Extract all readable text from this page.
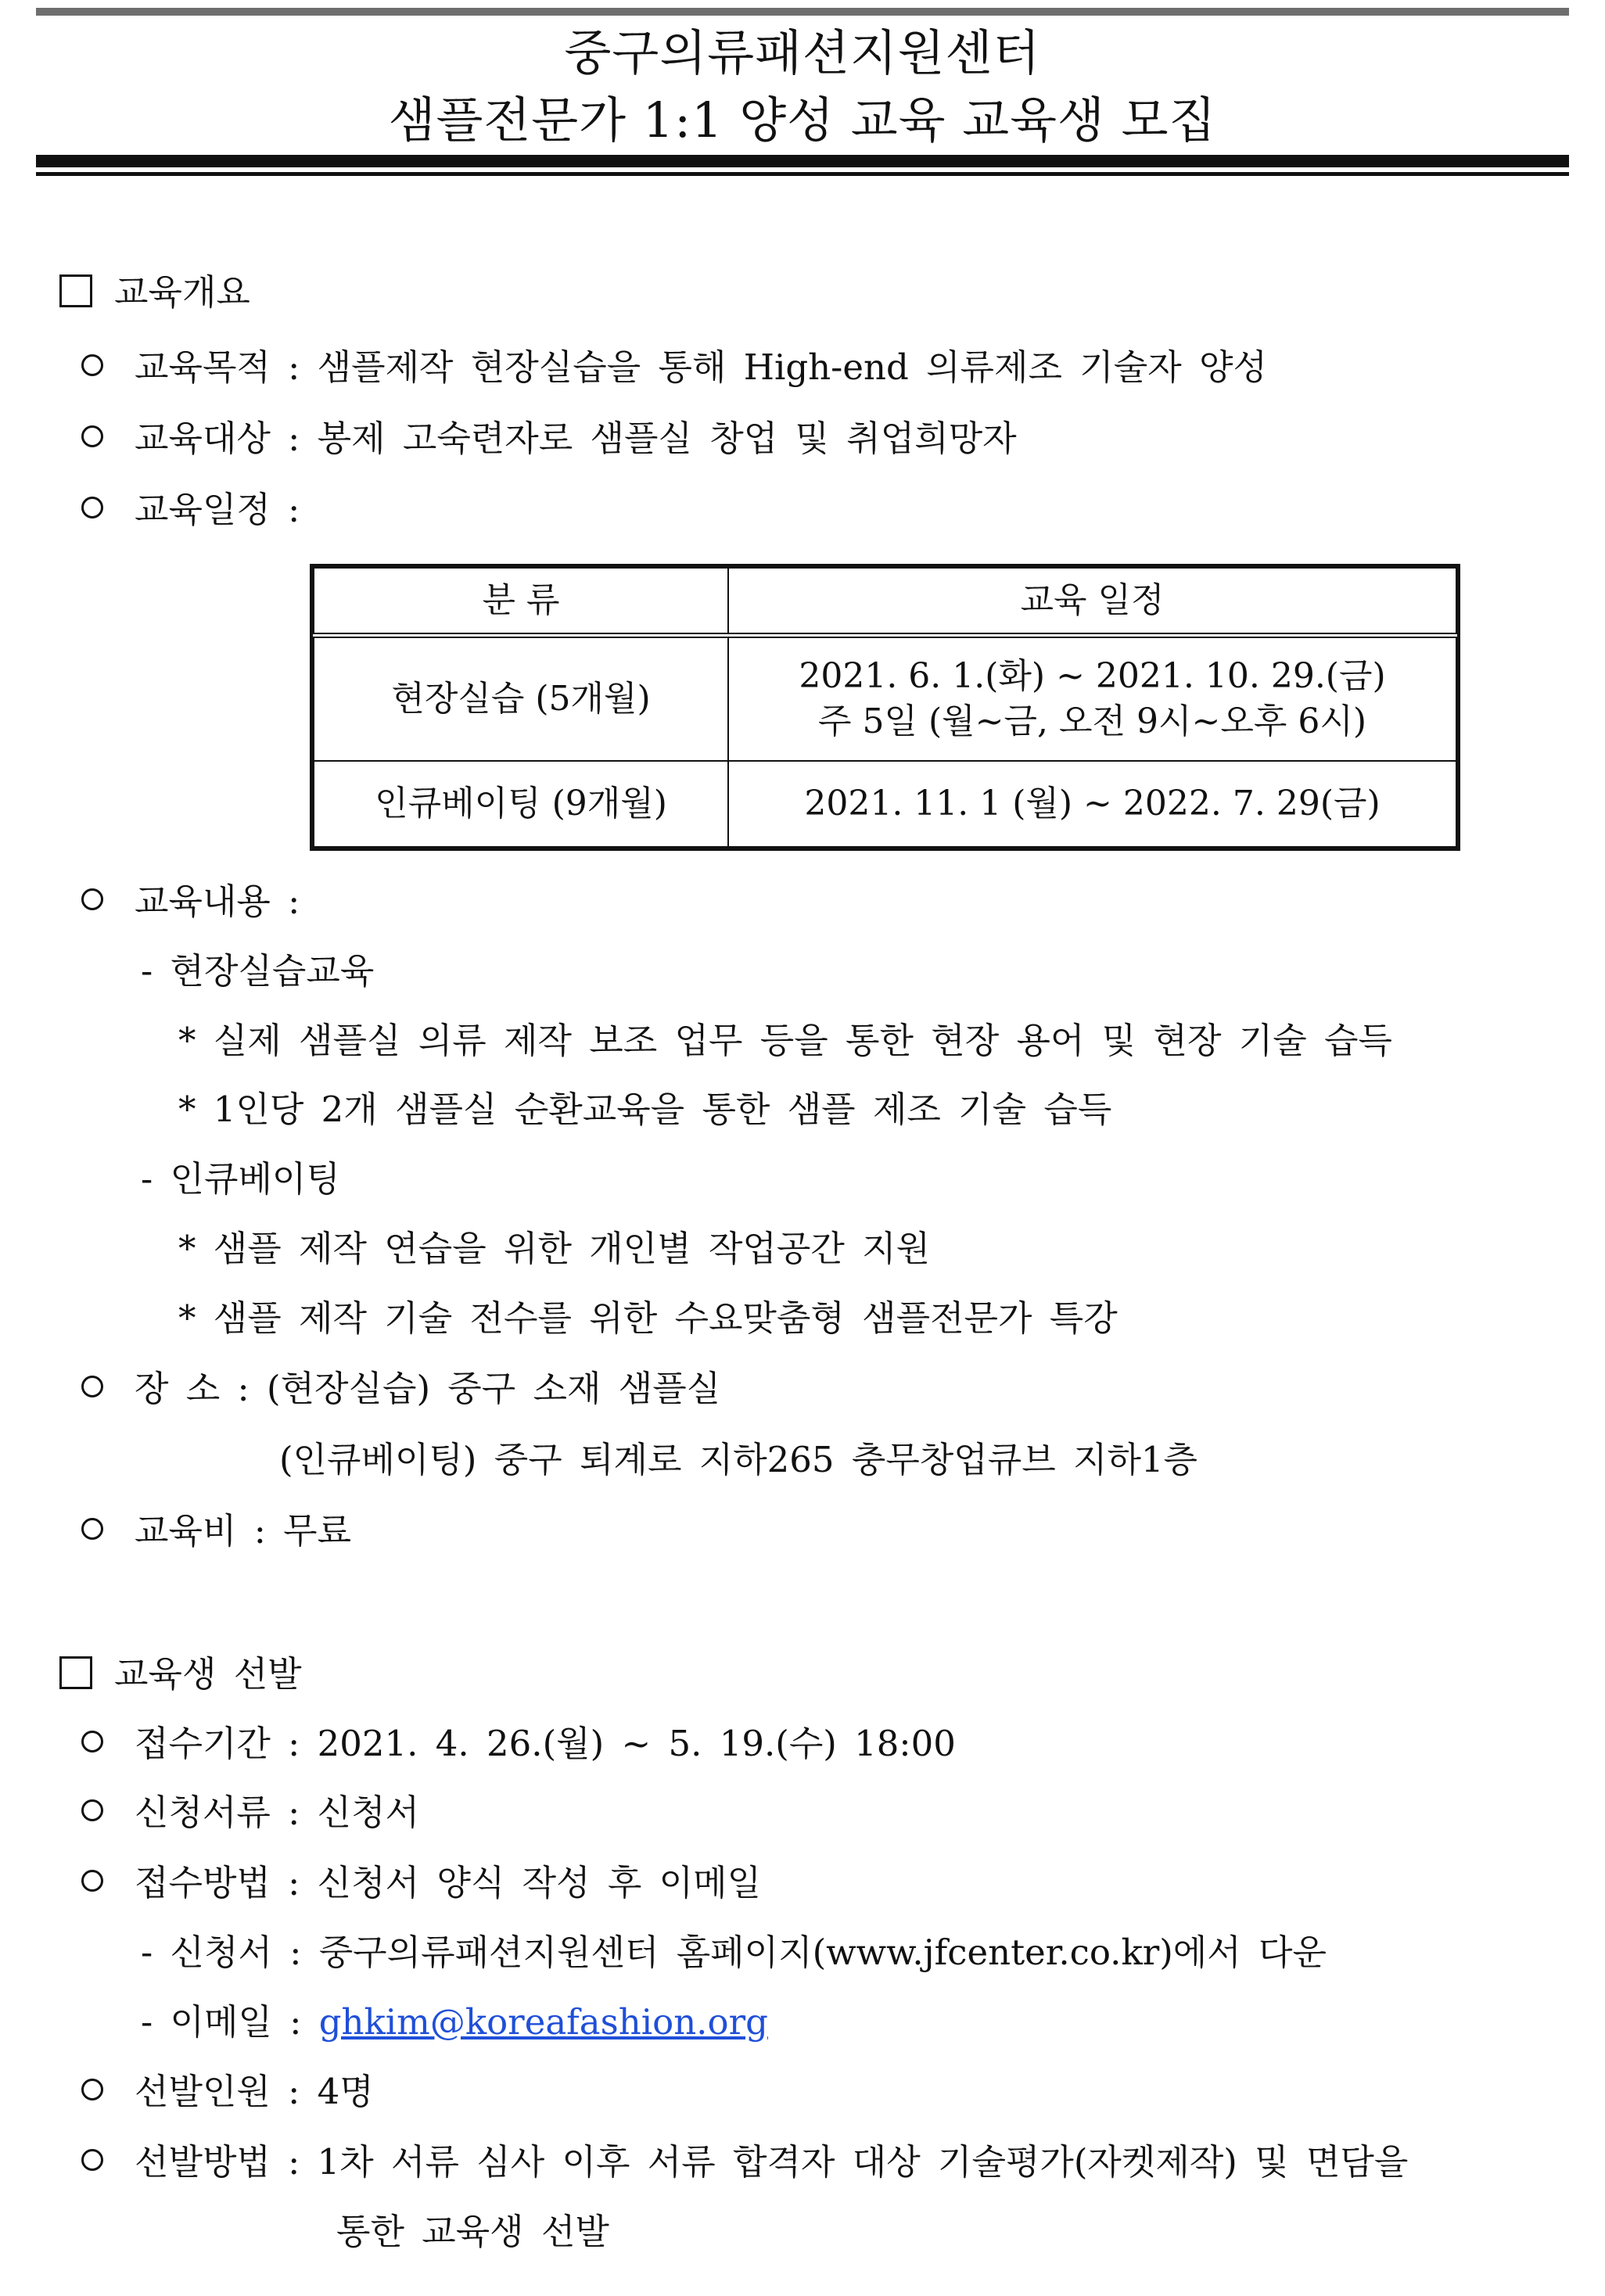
중구의류패션지원센터
샘플전문가 1:1 양성 교육 교육생 모집
교육개요
교육목적 : 샘플제작 현장실습을 통해 High-end 의류제조 기술자 양성
교육대상 : 봉제 고숙련자로 샘플실 창업 및 취업희망자
교육일정 :
분 류	교육 일정
현장실습 (5개월)	2021. 6. 1.(화) ~ 2021. 10. 29.(금)
주 5일 (월~금, 오전 9시~오후 6시)

인큐베이팅 (9개월)	2021. 11. 1 (월) ~ 2022. 7. 29(금)
교육내용 :
- 현장실습교육
* 실제 샘플실 의류 제작 보조 업무 등을 통한 현장 용어 및 현장 기술 습득
* 1인당 2개 샘플실 순환교육을 통한 샘플 제조 기술 습득
- 인큐베이팅
* 샘플 제작 연습을 위한 개인별 작업공간 지원
* 샘플 제작 기술 전수를 위한 수요맞춤형 샘플전문가 특강
장 소 : (현장실습) 중구 소재 샘플실
(인큐베이팅) 중구 퇴계로 지하265 충무창업큐브 지하1층
교육비 : 무료
교육생 선발
접수기간 : 2021. 4. 26.(월) ~ 5. 19.(수) 18:00
신청서류 : 신청서
접수방법 : 신청서 양식 작성 후 이메일
- 신청서 : 중구의류패션지원센터 홈페이지(www.jfcenter.co.kr)에서 다운
- 이메일 : ghkim@koreafashion.org
선발인원 : 4명
선발방법 : 1차 서류 심사 이후 서류 합격자 대상 기술평가(자켓제작) 및 면담을
통한 교육생 선발
